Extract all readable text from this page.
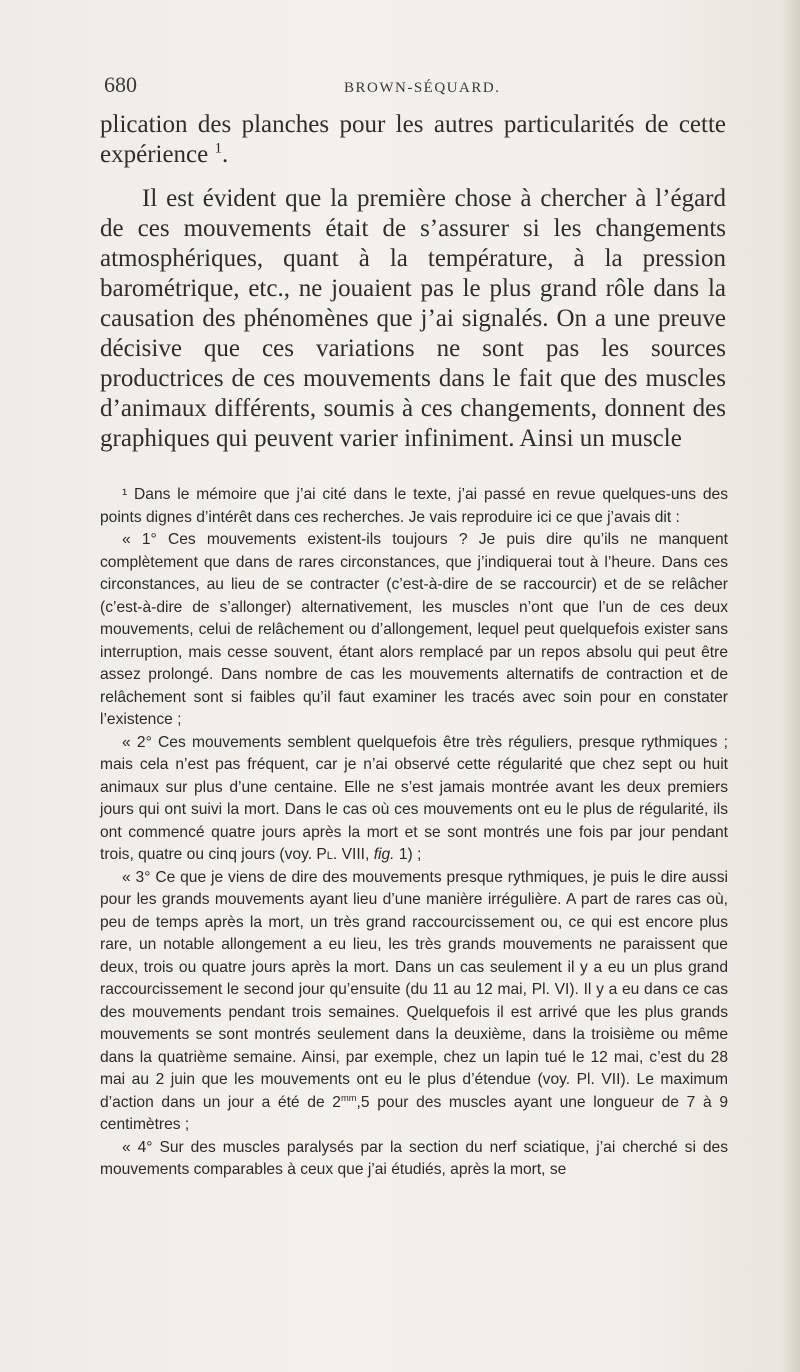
680	BROWN-SÉQUARD.

plication des planches pour les autres particularités de cette expérience $^1$.

Il est évident que la première chose à chercher à l’égard de ces mouvements était de s’assurer si les changements atmosphériques, quant à la température, à la pression barométrique, etc., ne jouaient pas le plus grand rôle dans la causation des phénomènes que j’ai signalés. On a une preuve décisive que ces variations ne sont pas les sources productrices de ces mouvements dans le fait que des muscles d’animaux différents, soumis à ces changements, donnent des graphiques qui peuvent varier infiniment. Ainsi un muscle

¹ Dans le mémoire que j’ai cité dans le texte, j’ai passé en revue quelques-uns des points dignes d’intérêt dans ces recherches. Je vais reproduire ici ce que j’avais dit :

« 1° Ces mouvements existent-ils toujours ? Je puis dire qu’ils ne manquent complètement que dans de rares circonstances, que j’indiquerai tout à l’heure. Dans ces circonstances, au lieu de se contracter (c’est-à-dire de se raccourcir) et de se relâcher (c’est-à-dire de s’allonger) alternativement, les muscles n’ont que l’un de ces deux mouvements, celui de relâchement ou d’allongement, lequel peut quelquefois exister sans interruption, mais cesse souvent, étant alors remplacé par un repos absolu qui peut être assez prolongé. Dans nombre de cas les mouvements alternatifs de contraction et de relâchement sont si faibles qu’il faut examiner les tracés avec soin pour en constater l’existence ;

« 2° Ces mouvements semblent quelquefois être très réguliers, presque rythmiques ; mais cela n’est pas fréquent, car je n’ai observé cette régularité que chez sept ou huit animaux sur plus d’une centaine. Elle ne s’est jamais montrée avant les deux premiers jours qui ont suivi la mort. Dans le cas où ces mouvements ont eu le plus de régularité, ils ont commencé quatre jours après la mort et se sont montrés une fois par jour pendant trois, quatre ou cinq jours (voy. Pl. VIII, fig. 1) ;

« 3° Ce que je viens de dire des mouvements presque rythmiques, je puis le dire aussi pour les grands mouvements ayant lieu d’une manière irrégulière. A part de rares cas où, peu de temps après la mort, un très grand raccourcissement ou, ce qui est encore plus rare, un notable allongement a eu lieu, les très grands mouvements ne paraissent que deux, trois ou quatre jours après la mort. Dans un cas seulement il y a eu un plus grand raccourcissement le second jour qu’ensuite (du 11 au 12 mai, Pl. VI). Il y a eu dans ce cas des mouvements pendant trois semaines. Quelquefois il est arrivé que les plus grands mouvements se sont montrés seulement dans la deuxième, dans la troisième ou même dans la quatrième semaine. Ainsi, par exemple, chez un lapin tué le 12 mai, c’est du 28 mai au 2 juin que les mouvements ont eu le plus d’étendue (voy. Pl. VII). Le maximum d’action dans un jour a été de $2^{mm},5$ pour des muscles ayant une longueur de 7 à 9 centimètres ;

« 4° Sur des muscles paralysés par la section du nerf sciatique, j’ai cherché si des mouvements comparables à ceux que j’ai étudiés, après la mort, se
